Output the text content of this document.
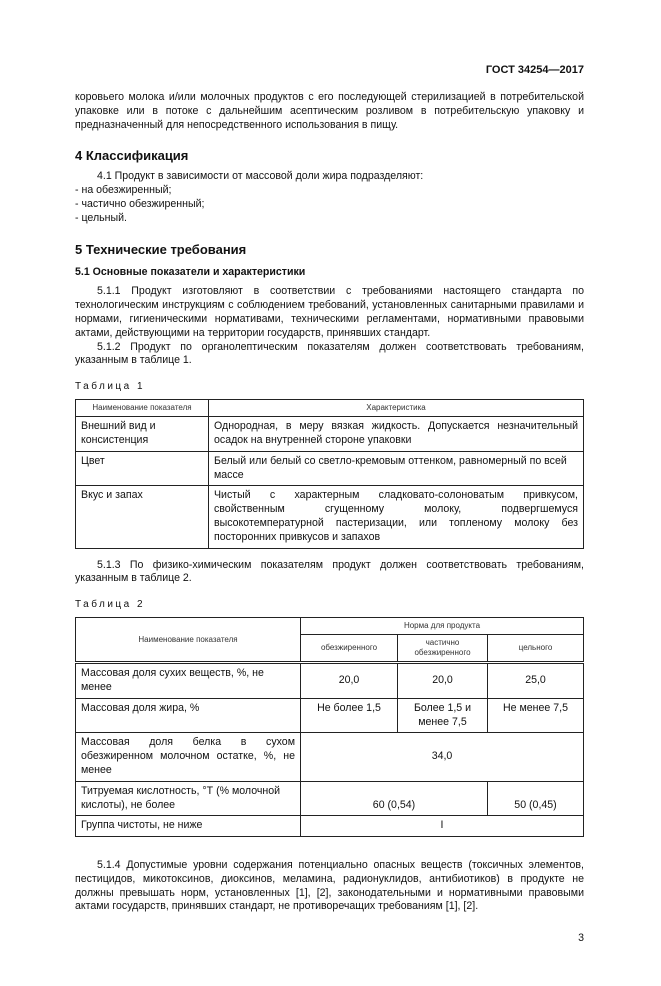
ГОСТ 34254—2017

коровьего молока и/или молочных продуктов с его последующей стерилизацией в потребительской упаковке или в потоке с дальнейшим асептическим розливом в потребительскую упаковку и предназначенный для непосредственного использования в пищу.

4 Классификация

4.1 Продукт в зависимости от массовой доли жира подразделяют:

- на обезжиренный;
- частично обезжиренный;
- цельный.
5 Технические требования
5.1 Основные показатели и характеристики

5.1.1 Продукт изготовляют в соответствии с требованиями настоящего стандарта по технологическим инструкциям с соблюдением требований, установленных санитарными правилами и нормами, гигиеническими нормативами, техническими регламентами, нормативными правовыми актами, действующими на территории государств, принявших стандарт.

5.1.2 Продукт по органолептическим показателям должен соответствовать требованиям, указанным в таблице 1.

Таблица 1
Наименование показателя	Характеристика
Внешний вид и консистенция	Однородная, в меру вязкая жидкость. Допускается незначительный осадок на внутренней стороне упаковки
Цвет	Белый или белый со светло-кремовым оттенком, равномерный по всей массе
Вкус и запах	Чистый с характерным сладковато-солоноватым привкусом, свойственным сгущенному молоку, подвергшемуся высокотемпературной пастеризации, или топленому молоку без посторонних привкусов и запахов

5.1.3 По физико-химическим показателям продукт должен соответствовать требованиям, указанным в таблице 2.

Таблица 2
Наименование показателя	Норма для продукта		
	обезжиренного	частично обезжиренного	цельного
Массовая доля сухих веществ, %, не менее	20,0	20,0	25,0
Массовая доля жира, %	Не более 1,5	Более 1,5 и менее 7,5	Не менее 7,5
Массовая доля белка в сухом обезжиренном молочном остатке, %, не менее	34,0		
Титруемая кислотность, °Т (% молочной кислоты), не более	60 (0,54)		50 (0,45)
Группа чистоты, не ниже	I		

5.1.4 Допустимые уровни содержания потенциально опасных веществ (токсичных элементов, пестицидов, микотоксинов, диоксинов, меламина, радионуклидов, антибиотиков) в продукте не должны превышать норм, установленных [1], [2], законодательными и нормативными правовыми актами государств, принявших стандарт, не противоречащих требованиям [1], [2].

3
